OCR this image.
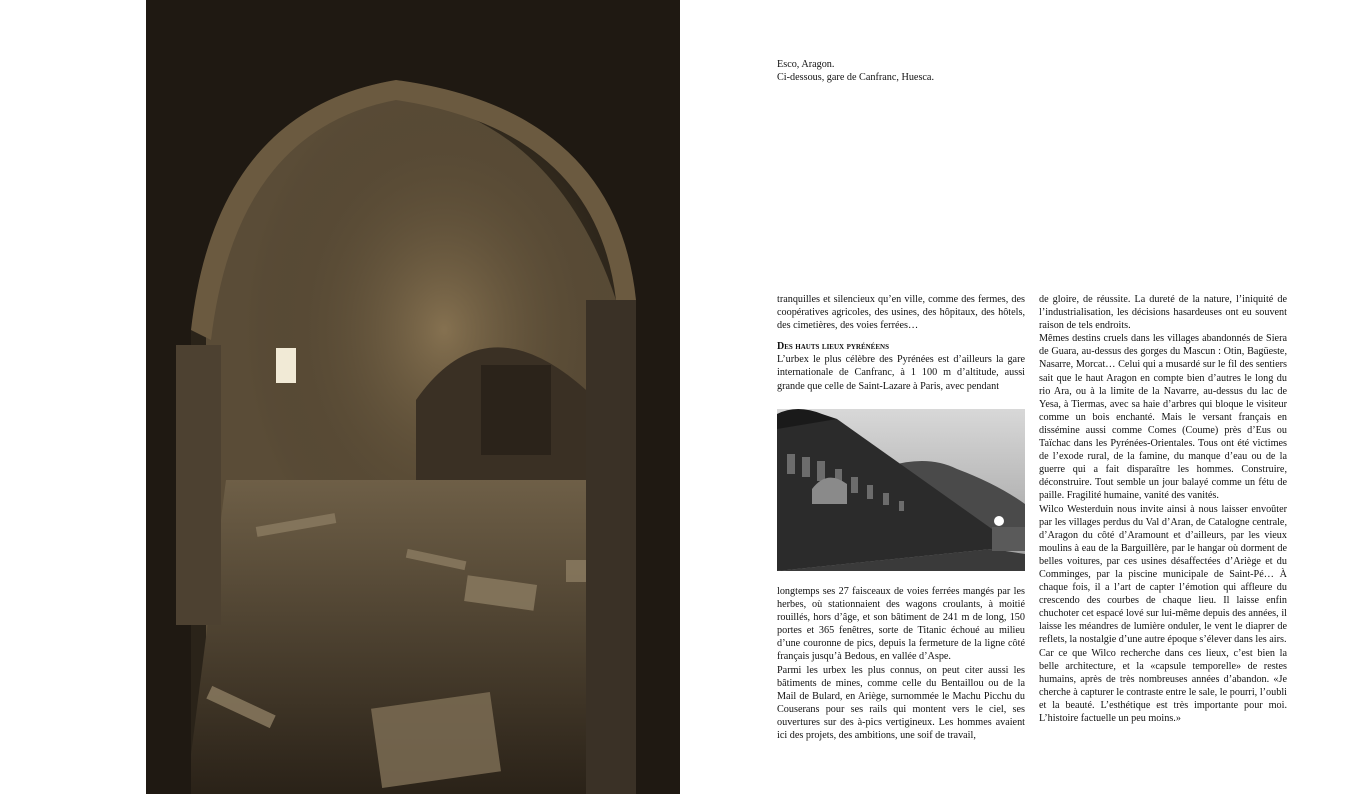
Esco, Aragon.
Ci-dessous, gare de Canfranc, Huesca.

tranquilles et silencieux qu’en ville, comme des fermes, des coopératives agricoles, des usines, des hôpitaux, des hôtels, des cimetières, des voies ferrées…

Des hauts lieux pyrénéens

L’urbex le plus célèbre des Pyrénées est d’ailleurs la gare internationale de Canfranc, à 1 100 m d’altitude, aussi grande que celle de Saint-Lazare à Paris, avec pendant

longtemps ses 27 faisceaux de voies ferrées mangés par les herbes, où stationnaient des wagons croulants, à moitié rouillés, hors d’âge, et son bâtiment de 241 m de long, 150 portes et 365 fenêtres, sorte de Titanic échoué au milieu d’une couronne de pics, depuis la fermeture de la ligne côté français jusqu’à Bedous, en vallée d’Aspe.

Parmi les urbex les plus connus, on peut citer aussi les bâtiments de mines, comme celle du Bentaillou ou de la Mail de Bulard, en Ariège, surnommée le Machu Picchu du Couserans pour ses rails qui montent vers le ciel, ses ouvertures sur des à-pics vertigineux. Les hommes avaient ici des projets, des ambitions, une soif de travail,

de gloire, de réussite. La dureté de la nature, l’iniquité de l’industrialisation, les décisions hasardeuses ont eu souvent raison de tels endroits.

Mêmes destins cruels dans les villages abandonnés de Siera de Guara, au-dessus des gorges du Mascun : Otin, Bagüeste, Nasarre, Morcat… Celui qui a musardé sur le fil des sentiers sait que le haut Aragon en compte bien d’autres le long du rio Ara, ou à la limite de la Navarre, au-dessus du lac de Yesa, à Tiermas, avec sa haie d’arbres qui bloque le visiteur comme un bois enchanté. Mais le versant français en dissémine aussi comme Comes (Coume) près d’Eus ou Taïchac dans les Pyrénées-Orientales. Tous ont été victimes de l’exode rural, de la famine, du manque d’eau ou de la guerre qui a fait disparaître les hommes. Construire, déconstruire. Tout semble un jour balayé comme un fétu de paille. Fragilité humaine, vanité des vanités.

Wilco Westerduin nous invite ainsi à nous laisser envoûter par les villages perdus du Val d’Aran, de Catalogne centrale, d’Aragon du côté d’Aramount et d’ailleurs, par les vieux moulins à eau de la Barguillère, par le hangar où dorment de belles voitures, par ces usines désaffectées d’Ariège et du Comminges, par la piscine municipale de Saint-Pé… À chaque fois, il a l’art de capter l’émotion qui affleure du crescendo des courbes de chaque lieu. Il laisse enfin chuchoter cet espacé lové sur lui-même depuis des années, il laisse les méandres de lumière onduler, le vent le diaprer de reflets, la nostalgie d’une autre époque s’élever dans les airs.

Car ce que Wilco recherche dans ces lieux, c’est bien la belle architecture, et la «capsule temporelle» de restes humains, après de très nombreuses années d’abandon. «Je cherche à capturer le contraste entre le sale, le pourri, l’oubli et la beauté. L’esthétique est très importante pour moi. L’histoire factuelle un peu moins.»
